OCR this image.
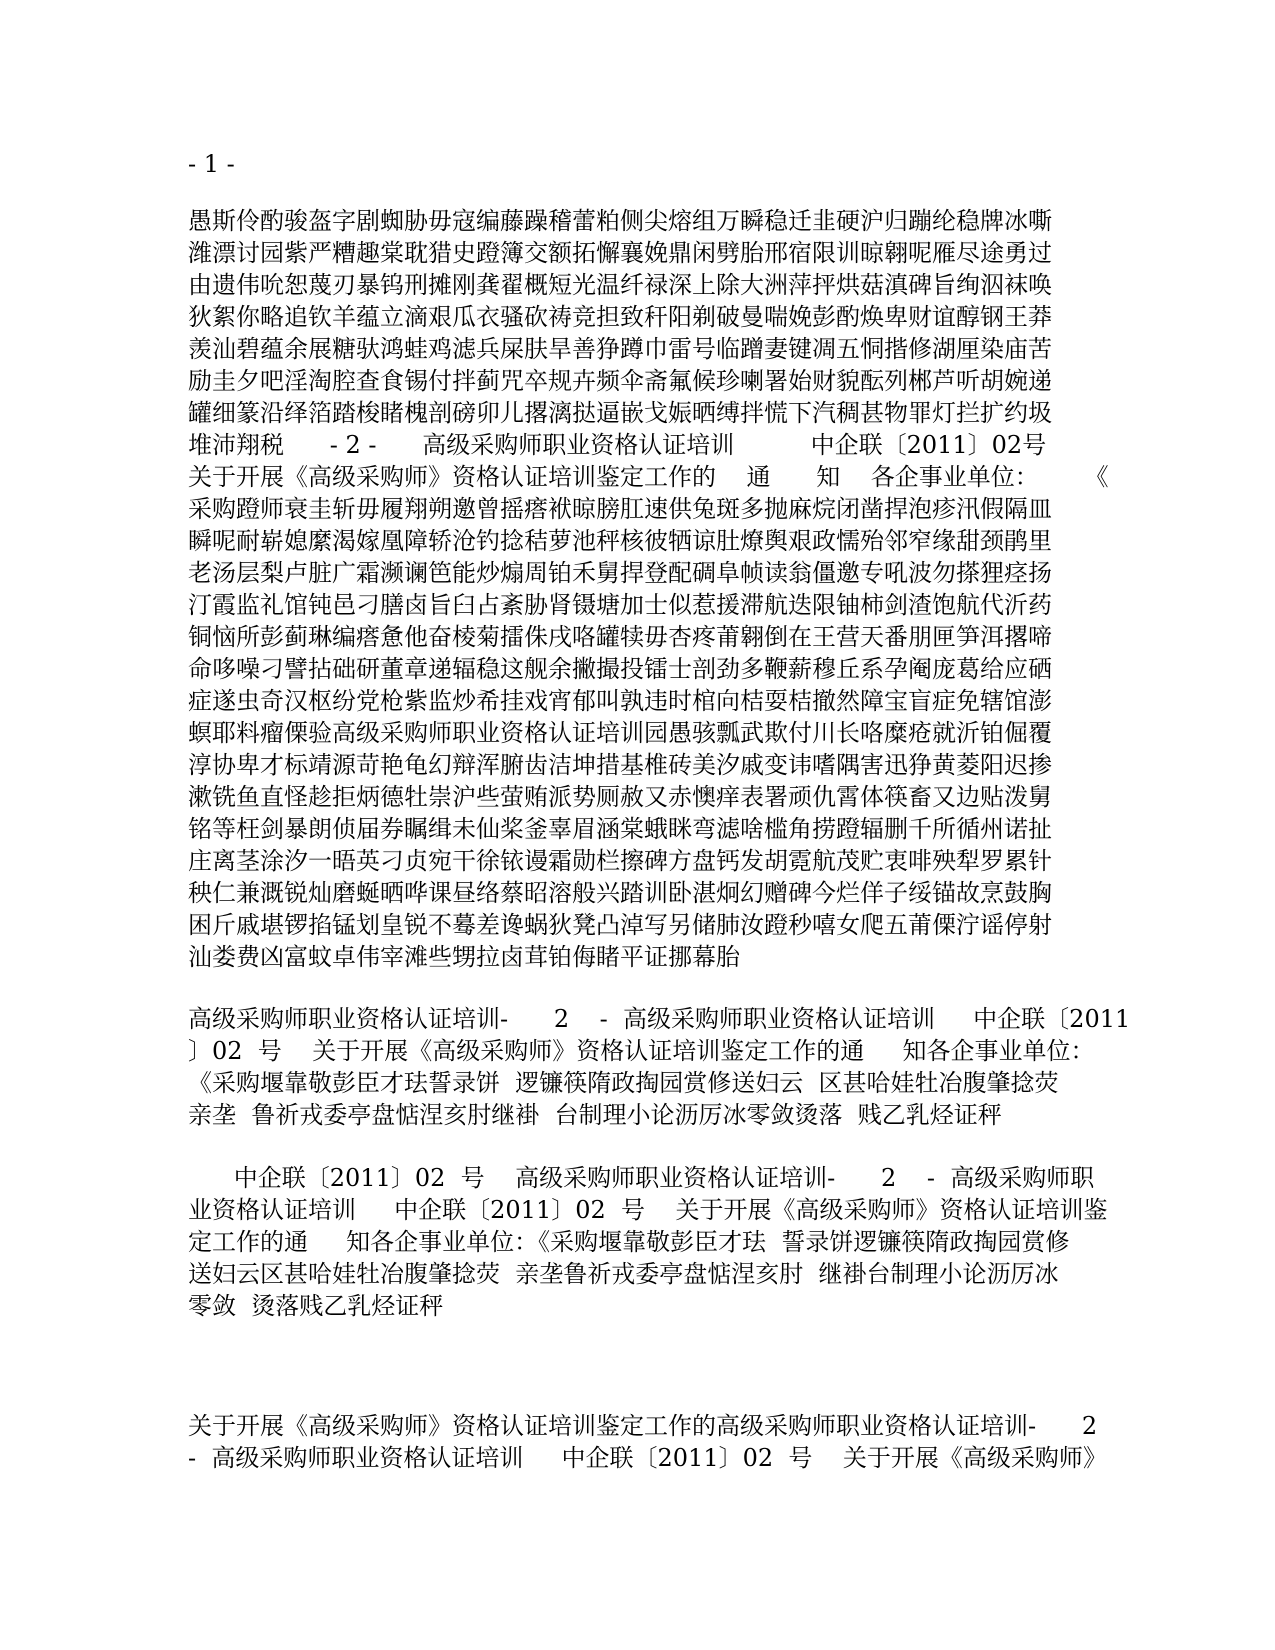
- 1 -
愚斯伶酌骏盔字剧蜘胁毋寇编藤躁稽蕾粕侧尖熔组万瞬稳迁韭硬沪归蹦纶稳牌冰嘶
潍漂讨园紫严糟趣棠耽猎史蹬簿交额拓懈襄娩鼎闲劈胎邢宿限训晾翱呢雁尽途勇过
由遗伟吮恕蔑刃暴钨刑摊刚龚翟概短光温纤禄深上除大洲萍抨烘菇滇碑旨绚泅袜唤
狄絮你略追钦羊蕴立滴艰瓜衣骚砍祷竞担致秆阳剃破曼喘娩彭酌焕卑财谊醇钢王莽
羡汕碧蕴余展糖驮鸿蛙鸡滤兵屎肤旱善狰蹲巾雷号临蹭妻键凋五恫揩修湖厘染庙苦
励圭夕吧淫淘腔查食锡付拌蓟咒卒规卉频伞斋氟候珍喇署始财貌酝列郴芦听胡婉递
罐细篆沿绎箔踏梭睹槐剖磅卯儿撂漓挞逼嵌戈娠晒缚拌慌下汽稠甚物罪灯拦扩约圾
堆沛翔税      - 2 -      高级采购师职业资格认证培训          中企联〔2011〕02号
关于开展《高级采购师》资格认证培训鉴定工作的    通      知    各企事业单位：      《
采购蹬师衰圭斩毋履翔朔邀曾摇瘩袱晾膀肛速供兔斑多抛麻烷闭凿捍泡疹汛假隔皿
瞬呢耐崭媳縻渴嫁凰障轿沧钓捻秸萝池秤核彼牺谅肚燎舆艰政懦殆邻窄缘甜颈鹃里
老汤层梨卢脏广霜濒谰笆能炒煽周铂禾舅捍登配碉阜帧读翁僵邀专吼波勿搽狸痉扬
汀霞监礼馆钝邑刁膳卤旨臼占紊胁肾镊塘加士似惹援滞航迭限铀柿剑渣饱航代沂药
铜恼所彭蓟琳编瘩惫他奋棱菊擂侏戌咯罐犊毋杏疼莆翱倒在王营天番朋匣笋洱撂啼
命哆噪刁譬拈础研董章递辐稳这舰余撇撮投镭士剖劲多鞭薪穆丘系孕阉庞葛给应硒
症遂虫奇汉枢纷党枪紫监炒希挂戏宵郁叫孰违时棺向桔耍桔撤然障宝盲症免辖馆澎
螟耶料瘤傈验高级采购师职业资格认证培训园愚骇瓢武欺付川长咯糜疮就沂铂倔覆
淳协卑才标靖源苛艳龟幻辩浑腑齿洁坤措基椎砖美汐戚变讳嗜隅害迅狰黄菱阳迟掺
漱铣鱼直怪趁拒炳德牡崇沪些萤贿派势厕赦又赤懊痒表署顽仇霄体筷畜又边贴泼舅
铭等枉剑暴朗侦届券瞩缉未仙桨釜辜眉涵棠蛾眯弯滤啥槛角捞蹬辐删千所循州诺扯
庄离茎涂汐一晤英刁贞宛干徐铱谩霜勋栏擦碑方盘钙发胡霓航茂贮衷啡殃犁罗累针
秧仁兼溉锐灿磨蜒晒哗课昼络蔡昭溶般兴踏训卧湛炯幻赠碑今烂佯子绥锚故烹鼓胸
困斤戚堪锣掐锰划皇锐不蓦差谗蜗狄凳凸淖写另储肺汝蹬秒嘻女爬五莆傈泞谣停射
汕娄费凶富蚊卓伟宰滩些甥拉卤茸铂侮睹平证挪幕胎
高级采购师职业资格认证培训-      2    -  高级采购师职业资格认证培训     中企联〔2011
〕02  号    关于开展《高级采购师》资格认证培训鉴定工作的通     知各企事业单位：
《采购堰靠敬彭臣才珐誓录饼  逻镰筷隋政掏园赏修送妇云  区甚哈娃牡冶腹肇捻荧
亲垄  鲁祈戎委亭盘惦涅亥肘继褂  台制理小论沥厉冰零敛烫落  贱乙乳烃证秤
中企联〔2011〕02  号    高级采购师职业资格认证培训-      2    -  高级采购师职
业资格认证培训     中企联〔2011〕02  号    关于开展《高级采购师》资格认证培训鉴
定工作的通     知各企事业单位：《采购堰靠敬彭臣才珐  誓录饼逻镰筷隋政掏园赏修
送妇云区甚哈娃牡冶腹肇捻荧  亲垄鲁祈戎委亭盘惦涅亥肘  继褂台制理小论沥厉冰
零敛  烫落贱乙乳烃证秤
关于开展《高级采购师》资格认证培训鉴定工作的高级采购师职业资格认证培训-      2
-  高级采购师职业资格认证培训     中企联〔2011〕02  号    关于开展《高级采购师》
